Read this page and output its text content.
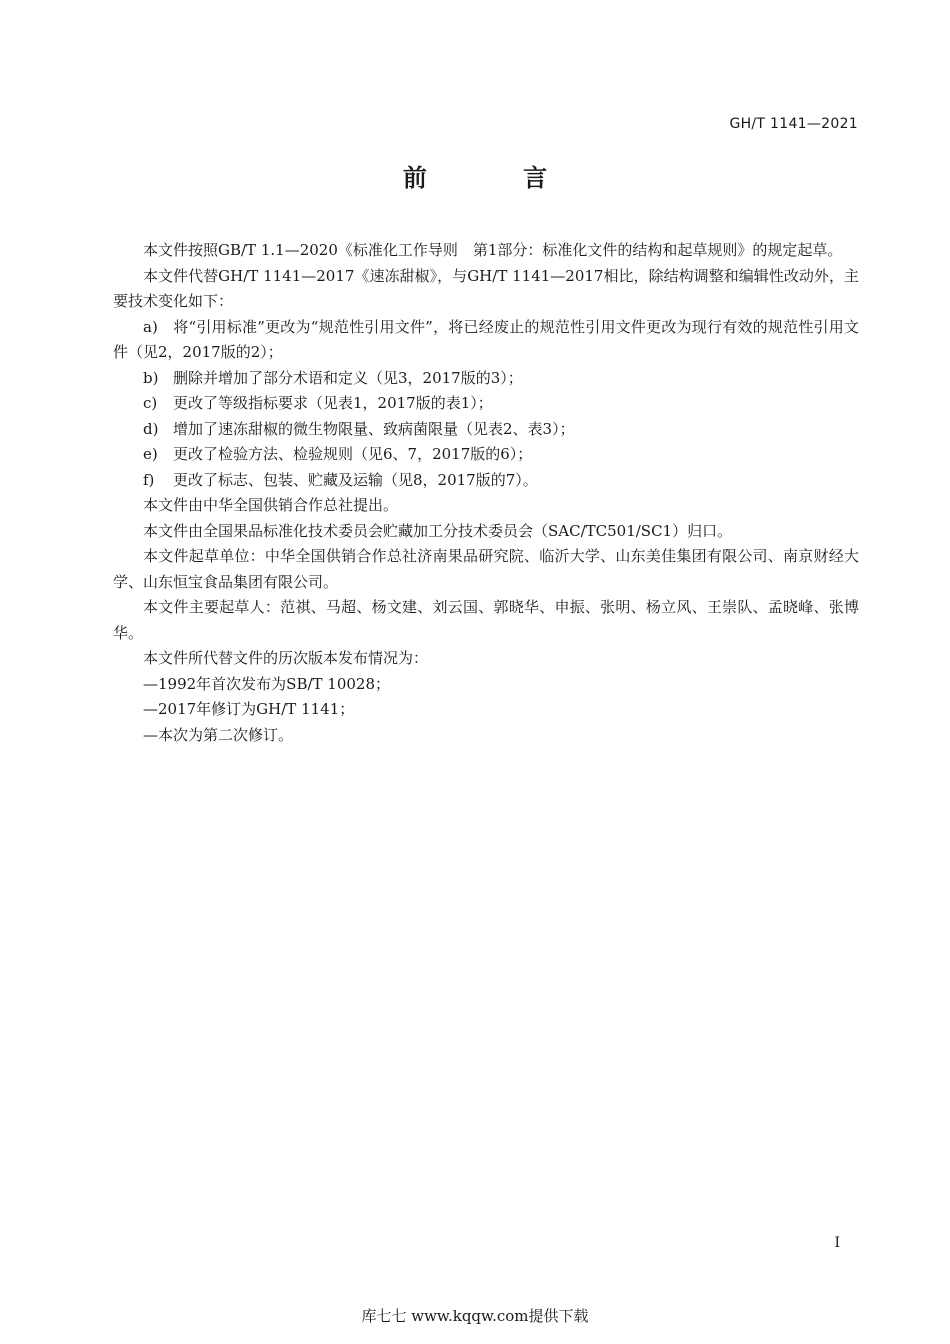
GH/T 1141—2021
前 言

本文件按照GB/T 1.1—2020《标准化工作导则　第1部分：标准化文件的结构和起草规则》的规定起草。

本文件代替GH/T 1141—2017《速冻甜椒》，与GH/T 1141—2017相比，除结构调整和编辑性改动外，主要技术变化如下：

a) 将“引用标准”更改为“规范性引用文件”，将已经废止的规范性引用文件更改为现行有效的规范性引用文件（见2，2017版的2）；

b) 删除并增加了部分术语和定义（见3，2017版的3）；

c) 更改了等级指标要求（见表1，2017版的表1）；

d) 增加了速冻甜椒的微生物限量、致病菌限量（见表2、表3）；

e) 更改了检验方法、检验规则（见6、7，2017版的6）；

f) 更改了标志、包装、贮藏及运输（见8，2017版的7）。

本文件由中华全国供销合作总社提出。

本文件由全国果品标准化技术委员会贮藏加工分技术委员会（SAC/TC501/SC1）归口。

本文件起草单位：中华全国供销合作总社济南果品研究院、临沂大学、山东美佳集团有限公司、南京财经大学、山东恒宝食品集团有限公司。

本文件主要起草人：范祺、马超、杨文建、刘云国、郭晓华、申振、张明、杨立风、王崇队、孟晓峰、张博华。

本文件所代替文件的历次版本发布情况为：

—1992年首次发布为SB/T 10028；

—2017年修订为GH/T 1141；

—本次为第二次修订。

I
库七七 www.kqqw.com提供下载
